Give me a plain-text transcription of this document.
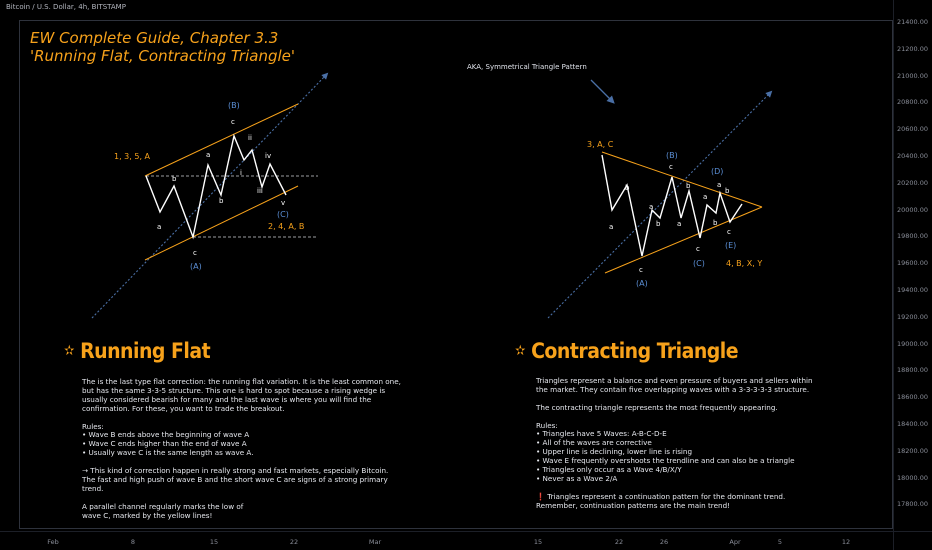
Bitcoin / U.S. Dollar, 4h, BITSTAMP
EW Complete Guide, Chapter 3.3
'Running Flat, Contracting Triangle'
AKA, Symmetrical Triangle Pattern
1, 3, 5, A
2, 4, A, B
(B)
(A)
(C)
a
b
c
a
b
c
i
ii
iii
iv
v
3, A, C
4, B, X, Y
(B)
(A)
(C)
(D)
(E)
a
b
c
a
b
c
a
b
c
a
b
a
b
c
✫ Running Flat	✫ Contracting Triangle
The is the last type flat correction: the running flat variation. It is the least common one,
but has the same 3-3-5 structure. This one is hard to spot because a rising wedge is
usually considered bearish for many and the last wave is where you will find the
confirmation. For these, you want to trade the breakout.

Rules:
• Wave B ends above the beginning of wave A
• Wave C ends higher than the end of wave A
• Usually wave C is the same length as wave A.

→ This kind of correction happen in really strong and fast markets, especially Bitcoin.
The fast and high push of wave B and the short wave C are signs of a strong primary
trend.

A parallel channel regularly marks the low of
wave C, marked by the yellow lines!
Triangles represent a balance and even pressure of buyers and sellers within
the market. They contain five overlapping waves with a 3-3-3-3-3 structure.

The contracting triangle represents the most frequently appearing.

Rules:
• Triangles have 5 Waves: A-B-C-D-E
• All of the waves are corrective
• Upper line is declining, lower line is rising
• Wave E frequently overshoots the trendline and can also be a triangle
• Triangles only occur as a Wave 4/B/X/Y
• Never as a Wave 2/A

❗ Triangles represent a continuation pattern for the dominant trend.
Remember, continuation patterns are the main trend!
21400.00
21200.00
21000.00
20800.00
20600.00
20400.00
20200.00
20000.00
19800.00
19600.00
19400.00
19200.00
19000.00
18800.00
18600.00
18400.00
18200.00
18000.00
17800.00
Feb	8	15	22	Mar	15	22	26	Apr	5	12
